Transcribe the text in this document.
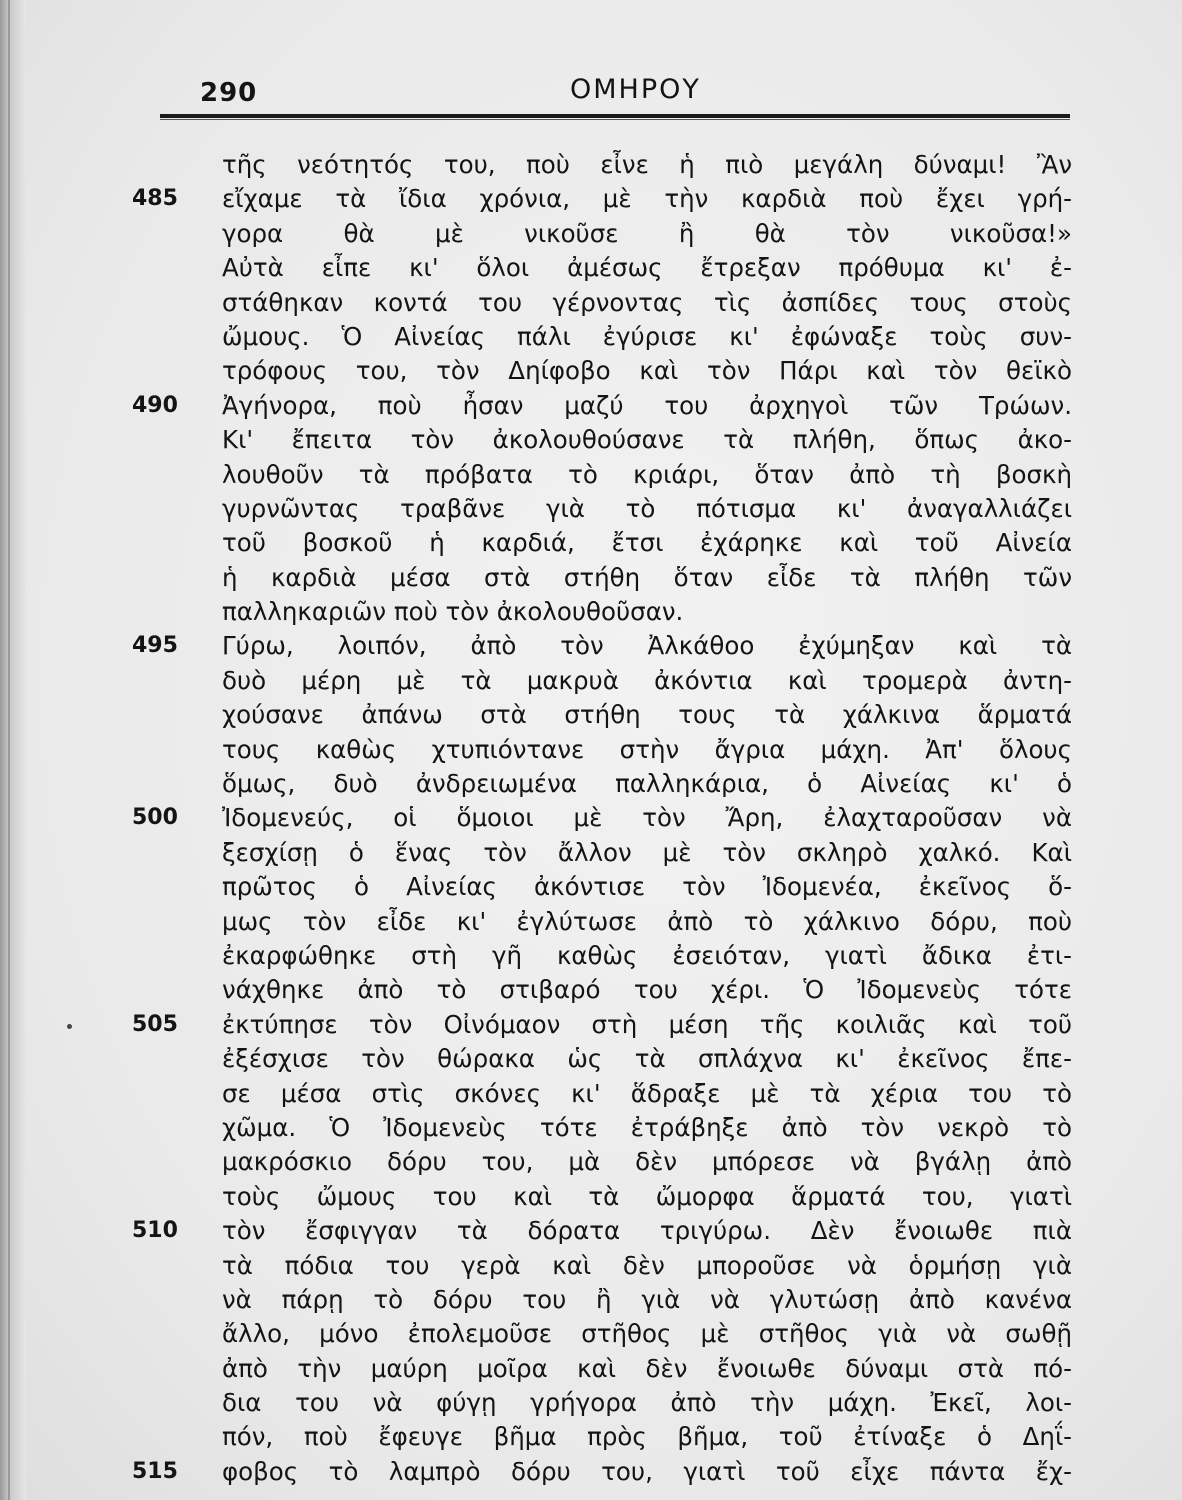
290	ΟΜΗΡΟΥ
τῆς νεότητός του, ποὺ εἶνε ἡ πιὸ μεγάλη δύναμι! Ἂν
485	εἴχαμε τὰ ἴδια χρόνια, μὲ τὴν καρδιὰ ποὺ ἔχει γρή-
γορα θὰ μὲ νικοῦσε ἢ θὰ τὸν νικοῦσα!»
Αὐτὰ εἶπε κι' ὅλοι ἀμέσως ἔτρεξαν πρόθυμα κι' ἐ-
στάθηκαν κοντά του γέρνοντας τὶς ἀσπίδες τους στοὺς
ὤμους. Ὁ Αἰνείας πάλι ἐγύρισε κι' ἐφώναξε τοὺς συν-
τρόφους του, τὸν Δηίφοβο καὶ τὸν Πάρι καὶ τὸν θεϊκὸ
490	Ἀγήνορα, ποὺ ἦσαν μαζύ του ἀρχηγοὶ τῶν Τρώων.
Κι' ἔπειτα τὸν ἀκολουθούσανε τὰ πλήθη, ὅπως ἀκο-
λουθοῦν τὰ πρόβατα τὸ κριάρι, ὅταν ἀπὸ τὴ βοσκὴ
γυρνῶντας τραβᾶνε γιὰ τὸ πότισμα κι' ἀναγαλλιάζει
τοῦ βοσκοῦ ἡ καρδιά, ἔτσι ἐχάρηκε καὶ τοῦ Αἰνεία
ἡ καρδιὰ μέσα στὰ στήθη ὅταν εἶδε τὰ πλήθη τῶν
παλληκαριῶν ποὺ τὸν ἀκολουθοῦσαν.
495	Γύρω, λοιπόν, ἀπὸ τὸν Ἀλκάθοο ἐχύμηξαν καὶ τὰ
δυὸ μέρη μὲ τὰ μακρυὰ ἀκόντια καὶ τρομερὰ ἀντη-
χούσανε ἀπάνω στὰ στήθη τους τὰ χάλκινα ἅρματά
τους καθὼς χτυπιόντανε στὴν ἄγρια μάχη. Ἀπ' ὅλους
ὅμως, δυὸ ἀνδρειωμένα παλληκάρια, ὁ Αἰνείας κι' ὁ
500	Ἰδομενεύς, οἱ ὅμοιοι μὲ τὸν Ἄρη, ἐλαχταροῦσαν νὰ
ξεσχίσῃ ὁ ἕνας τὸν ἄλλον μὲ τὸν σκληρὸ χαλκό. Καὶ
πρῶτος ὁ Αἰνείας ἀκόντισε τὸν Ἰδομενέα, ἐκεῖνος ὅ-
μως τὸν εἶδε κι' ἐγλύτωσε ἀπὸ τὸ χάλκινο δόρυ, ποὺ
ἐκαρφώθηκε στὴ γῆ καθὼς ἐσειόταν, γιατὶ ἄδικα ἐτι-
νάχθηκε ἀπὸ τὸ στιβαρό του χέρι. Ὁ Ἰδομενεὺς τότε
505	ἐκτύπησε τὸν Οἰνόμαον στὴ μέση τῆς κοιλιᾶς καὶ τοῦ
ἐξέσχισε τὸν θώρακα ὡς τὰ σπλάχνα κι' ἐκεῖνος ἔπε-
σε μέσα στὶς σκόνες κι' ἅδραξε μὲ τὰ χέρια του τὸ
χῶμα. Ὁ Ἰδομενεὺς τότε ἐτράβηξε ἀπὸ τὸν νεκρὸ τὸ
μακρόσκιο δόρυ του, μὰ δὲν μπόρεσε νὰ βγάλῃ ἀπὸ
τοὺς ὤμους του καὶ τὰ ὤμορφα ἅρματά του, γιατὶ
510	τὸν ἔσφιγγαν τὰ δόρατα τριγύρω. Δὲν ἔνοιωθε πιὰ
τὰ πόδια του γερὰ καὶ δὲν μποροῦσε νὰ ὁρμήσῃ γιὰ
νὰ πάρῃ τὸ δόρυ του ἢ γιὰ νὰ γλυτώσῃ ἀπὸ κανένα
ἄλλο, μόνο ἐπολεμοῦσε στῆθος μὲ στῆθος γιὰ νὰ σωθῇ
ἀπὸ τὴν μαύρη μοῖρα καὶ δὲν ἔνοιωθε δύναμι στὰ πό-
δια του νὰ φύγῃ γρήγορα ἀπὸ τὴν μάχη. Ἐκεῖ, λοι-
πόν, ποὺ ἔφευγε βῆμα πρὸς βῆμα, τοῦ ἐτίναξε ὁ Δηΐ-
515	φοβος τὸ λαμπρὸ δόρυ του, γιατὶ τοῦ εἶχε πάντα ἔχ-
